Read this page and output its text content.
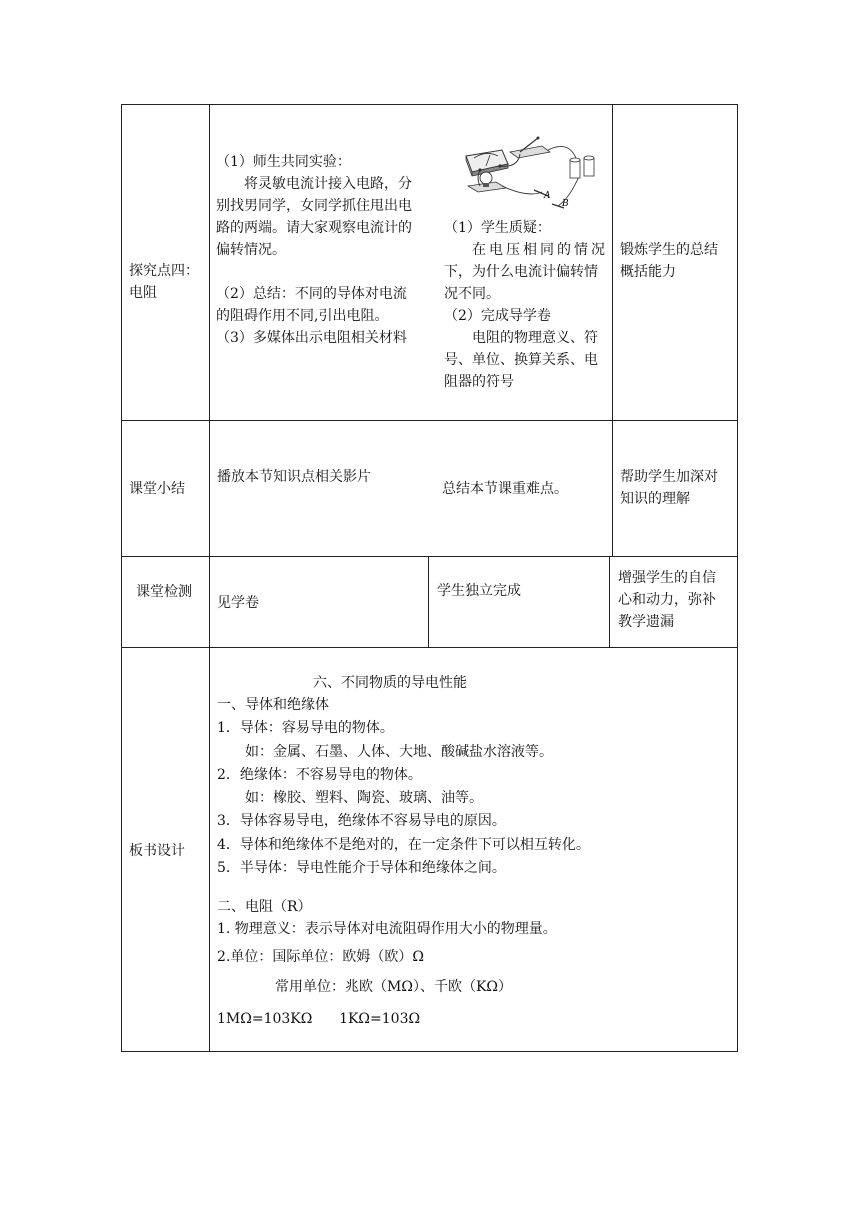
探究点四：
电阻
（1）师生共同实验：
将灵敏电流计接入电路，分
别找男同学，女同学抓住甩出电
路的两端。请大家观察电流计的
偏转情况。
（2）总结：不同的导体对电流
的阻碍作用不同,引出电阻。
（3）多媒体出示电阻相关材料
A
B
（1）学生质疑：
在电压相同的情况
下，为什么电流计偏转情
况不同。
（2）完成导学卷
电阻的物理意义、符
号、单位、换算关系、电
阻器的符号
锻炼学生的总结
概括能力
课堂小结
播放本节知识点相关影片
总结本节课重难点。
帮助学生加深对
知识的理解
课堂检测
见学卷
学生独立完成
增强学生的自信
心和动力，弥补
教学遗漏
板书设计
六、不同物质的导电性能
一、导体和绝缘体
1．导体：容易导电的物体。
如：金属、石墨、人体、大地、酸碱盐水溶液等。
2．绝缘体：不容易导电的物体。
如：橡胶、塑料、陶瓷、玻璃、油等。
3．导体容易导电，绝缘体不容易导电的原因。
4．导体和绝缘体不是绝对的，在一定条件下可以相互转化。
5．半导体：导电性能介于导体和绝缘体之间。
二、电阻（R）
1. 物理意义：表示导体对电流阻碍作用大小的物理量。
2.单位：国际单位：欧姆（欧）Ω
常用单位：兆欧（MΩ）、千欧（KΩ）
1MΩ=103KΩ      1KΩ=103Ω
